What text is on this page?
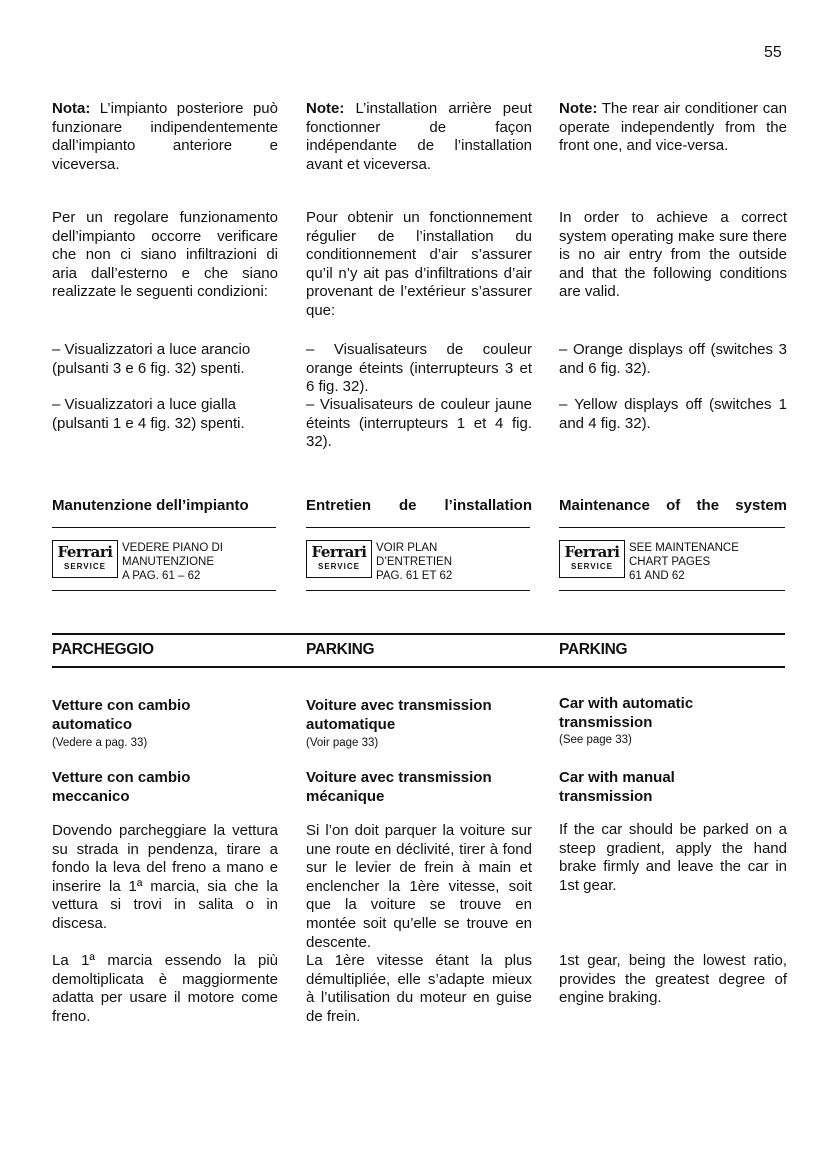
55

Nota: L’impianto posteriore può funzionare indipendentemente dall’impianto anteriore e viceversa.

Per un regolare funzionamento dell’impianto occorre verificare che non ci siano infiltrazioni di aria dall’esterno e che siano realizzate le seguenti condizioni:

– Visualizzatori a luce arancio (pulsanti 3 e 6 fig. 32) spenti.

– Visualizzatori a luce gialla (pulsanti 1 e 4 fig. 32) spenti.

Manutenzione dell’impianto
Ferrari
SERVICE
VEDERE PIANO DI
MANUTENZIONE
A PAG. 61 – 62

Note: L’installation arrière peut fonctionner de façon indépendante de l’installation avant et viceversa.

Pour obtenir un fonctionnement régulier de l’installation du conditionnement d’air s’assurer qu’il n’y ait pas d’infiltrations d’air provenant de l’extérieur s’assurer que:

– Visualisateurs de couleur orange éteints (interrupteurs 3 et 6 fig. 32).

– Visualisateurs de couleur jaune éteints (interrupteurs 1 et 4 fig. 32).

Entretien de l’installation
Ferrari
SERVICE
VOIR PLAN
D’ENTRETIEN
PAG. 61 ET 62

Note: The rear air conditioner can operate independently from the front one, and vice-versa.

In order to achieve a correct system operating make sure there is no air entry from the outside and that the following conditions are valid.

– Orange displays off (switches 3 and 6 fig. 32).

– Yellow displays off (switches 1 and 4 fig. 32).

Maintenance of the system
Ferrari
SERVICE
SEE MAINTENANCE
CHART PAGES
61 AND 62
PARCHEGGIO	PARKING	PARKING
Vetture con cambio
automatico
(Vedere a pag. 33)
Voiture avec transmission
automatique
(Voir page 33)
Car with automatic
transmission
(See page 33)
Vetture con cambio
meccanico
Voiture avec transmission
mécanique
Car with manual
transmission

Dovendo parcheggiare la vettura su strada in pendenza, tirare a fondo la leva del freno a mano e inserire la 1ª marcia, sia che la vettura si trovi in salita o in discesa.

Si l’on doit parquer la voiture sur une route en déclivité, tirer à fond sur le levier de frein à main et enclencher la 1ère vitesse, soit que la voiture se trouve en montée soit qu’elle se trouve en descente.

If the car should be parked on a steep gradient, apply the hand brake firmly and leave the car in 1st gear.

La 1ª marcia essendo la più demoltiplicata è maggiormente adatta per usare il motore come freno.

La 1ère vitesse étant la plus démultipliée, elle s’adapte mieux à l’utilisation du moteur en guise de frein.

1st gear, being the lowest ratio, provides the greatest degree of engine braking.
